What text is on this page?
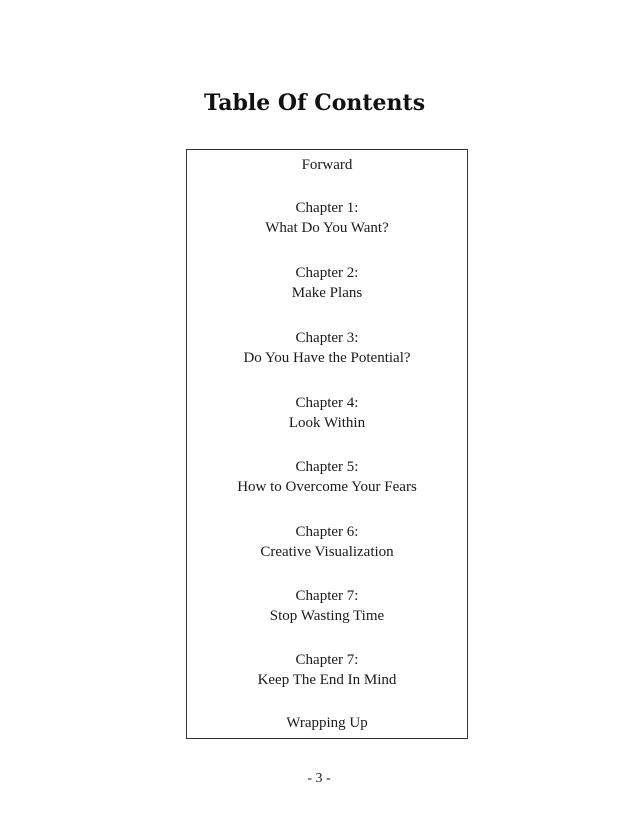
Table Of Contents
Forward
Chapter 1:
What Do You Want?
Chapter 2:
Make Plans
Chapter 3:
Do You Have the Potential?
Chapter 4:
Look Within
Chapter 5:
How to Overcome Your Fears
Chapter 6:
Creative Visualization
Chapter 7:
Stop Wasting Time
Chapter 7:
Keep The End In Mind
Wrapping Up
- 3 -
